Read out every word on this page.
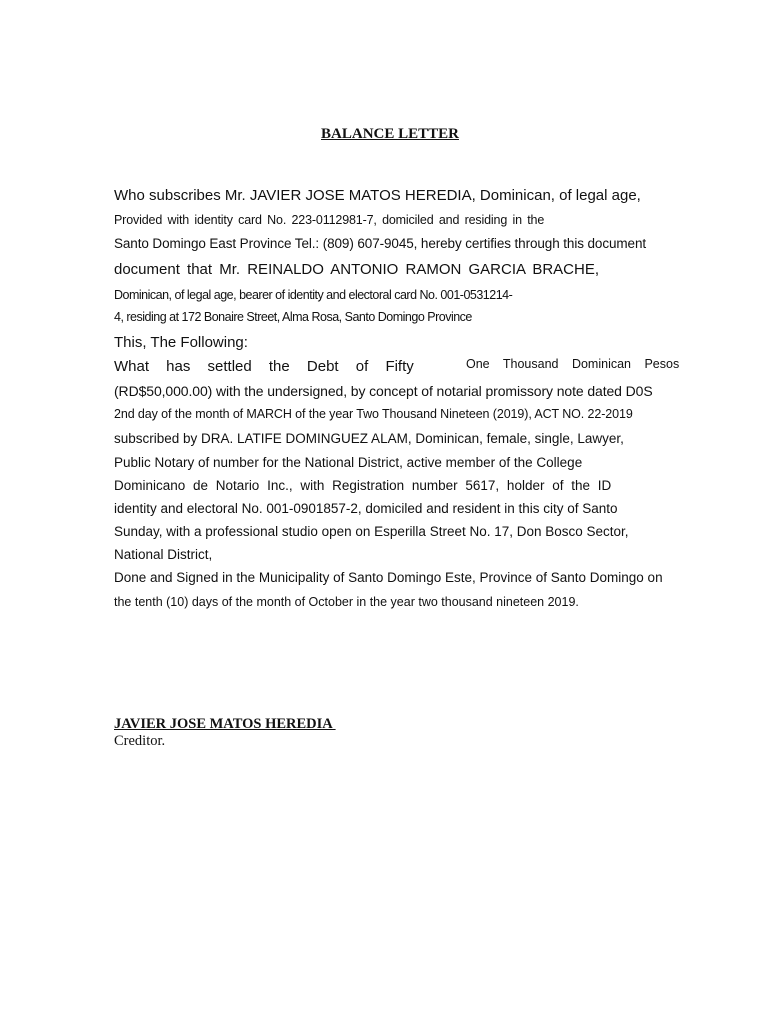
BALANCE LETTER

Who subscribes Mr. JAVIER JOSE MATOS HEREDIA, Dominican, of legal age,

Provided with identity card No. 223-0112981-7, domiciled and residing in the

Santo Domingo East Province Tel.: (809) 607-9045, hereby certifies through this document

document that Mr. REINALDO ANTONIO RAMON GARCIA BRACHE,

Dominican, of legal age, bearer of identity and electoral card No. 001-0531214-

4, residing at 172 Bonaire Street, Alma Rosa, Santo Domingo Province

This, The Following:

What has settled the Debt of Fifty	One Thousand Dominican Pesos

(RD$50,000.00) with the undersigned, by concept of notarial promissory note dated D0S

2nd day of the month of MARCH of the year Two Thousand Nineteen (2019), ACT NO. 22-2019

subscribed by DRA. LATIFE DOMINGUEZ ALAM, Dominican, female, single, Lawyer,

Public Notary of number for the National District, active member of the College

Dominicano de Notario Inc., with Registration number 5617, holder of the ID

identity and electoral No. 001-0901857-2, domiciled and resident in this city of Santo

Sunday, with a professional studio open on Esperilla Street No. 17, Don Bosco Sector,

National District,

Done and Signed in the Municipality of Santo Domingo Este, Province of Santo Domingo on

the tenth (10) days of the month of October in the year two thousand nineteen 2019.

JAVIER JOSE MATOS HEREDIA

Creditor.
